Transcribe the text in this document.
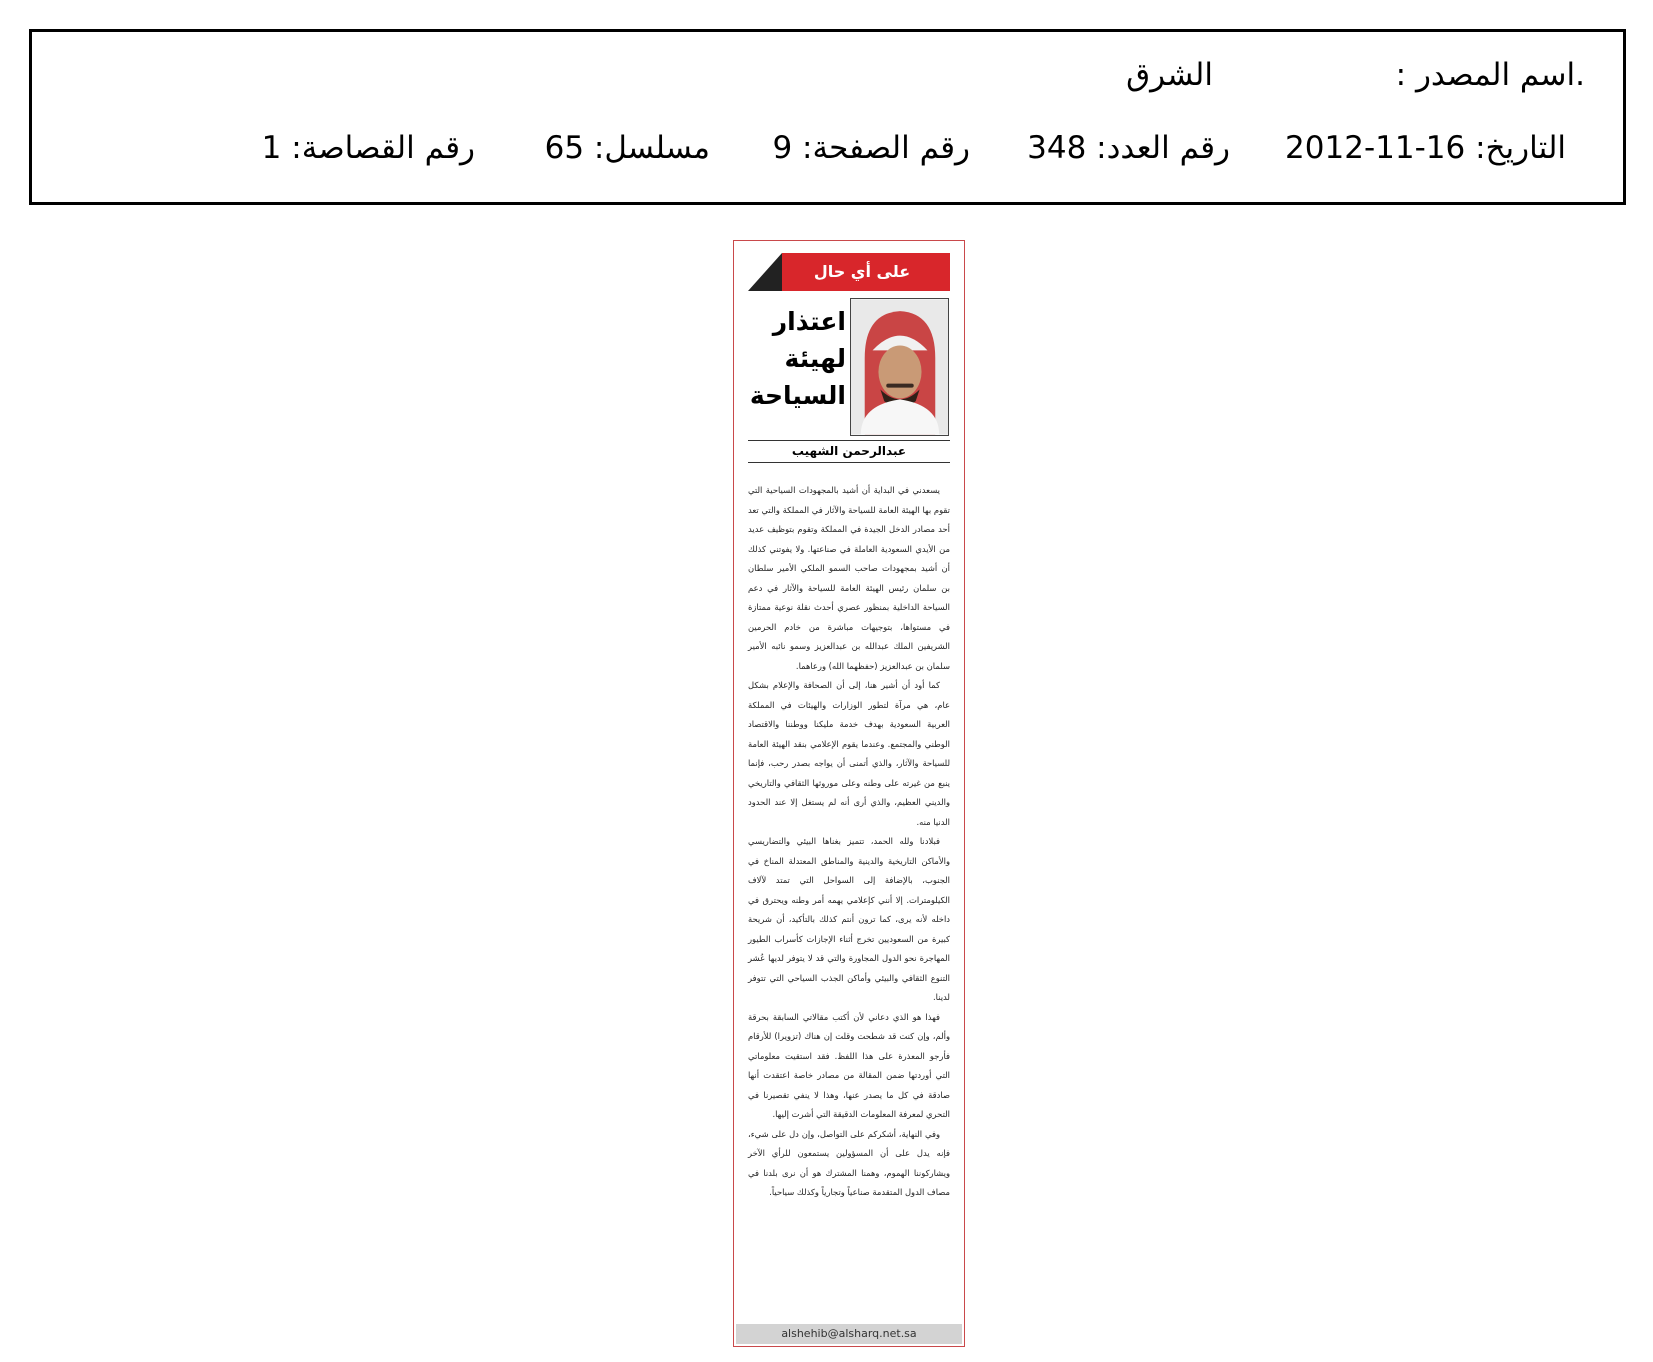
.اسم المصدر :
الشرق
التاريخ: 16-11-2012
رقم العدد: 348
رقم الصفحة: 9
مسلسل: 65
رقم القصاصة: 1
على أي حال
اعتذار
لهيئة
السياحة
عبدالرحمن الشهيب

يسعدني في البداية أن أشيد بالمجهودات السياحية التي تقوم بها الهيئة العامة للسياحة والآثار في المملكة والتي تعد أحد مصادر الدخل الجيدة في المملكة وتقوم بتوظيف عديد من الأيدي السعودية العاملة في صناعتها. ولا يفوتني كذلك أن أشيد بمجهودات صاحب السمو الملكي الأمير سلطان بن سلمان رئيس الهيئة العامة للسياحة والآثار في دعم السياحة الداخلية بمنظور عصري أحدث نقلة نوعية ممتازة في مستواها، بتوجيهات مباشرة من خادم الحرمين الشريفين الملك عبدالله بن عبدالعزيز وسمو نائبه الأمير سلمان بن عبدالعزيز (حفظهما الله) ورعاهما.

كما أود أن أشير هنا، إلى أن الصحافة والإعلام بشكل عام، هي مرآة لتطور الوزارات والهيئات في المملكة العربية السعودية بهدف خدمة مليكنا ووطننا والاقتصاد الوطني والمجتمع. وعندما يقوم الإعلامي بنقد الهيئة العامة للسياحة والآثار، والذي أتمنى أن يواجه بصدر رحب، فإنما ينبع من غيرته على وطنه وعلى موروثها الثقافي والتاريخي والديني العظيم، والذي أرى أنه لم يستغل إلا عند الحدود الدنيا منه.

فبلادنا ولله الحمد، تتميز بغناها البيئي والتضاريسي والأماكن التاريخية والدينية والمناطق المعتدلة المناخ في الجنوب، بالإضافة إلى السواحل التي تمتد لآلاف الكيلومترات. إلا أنني كإعلامي يهمه أمر وطنه ويحترق في داخله لأنه يرى، كما ترون أنتم كذلك بالتأكيد، أن شريحة كبيرة من السعوديين تخرج أثناء الإجازات كأسراب الطيور المهاجرة نحو الدول المجاورة والتي قد لا يتوفر لديها عُشر التنوع الثقافي والبيئي وأماكن الجذب السياحي التي تتوفر لدينا.

فهذا هو الذي دعاني لأن أكتب مقالاتي السابقة بحرقة وألم، وإن كنت قد شطحت وقلت إن هناك (تزويرا) للأرقام فأرجو المعذرة على هذا اللفظ. فقد استقيت معلوماتي التي أوردتها ضمن المقالة من مصادر خاصة اعتقدت أنها صادقة في كل ما يصدر عنها، وهذا لا ينفي تقصيرنا في التحري لمعرفة المعلومات الدقيقة التي أشرت إليها.

وفي النهاية، أشكركم على التواصل، وإن دل على شيء، فإنه يدل على أن المسؤولين يستمعون للرأي الآخر ويشاركوننا الهموم، وهمنا المشترك هو أن نرى بلدنا في مصاف الدول المتقدمة صناعياً وتجارياً وكذلك سياحياً.

alshehib@alsharq.net.sa
